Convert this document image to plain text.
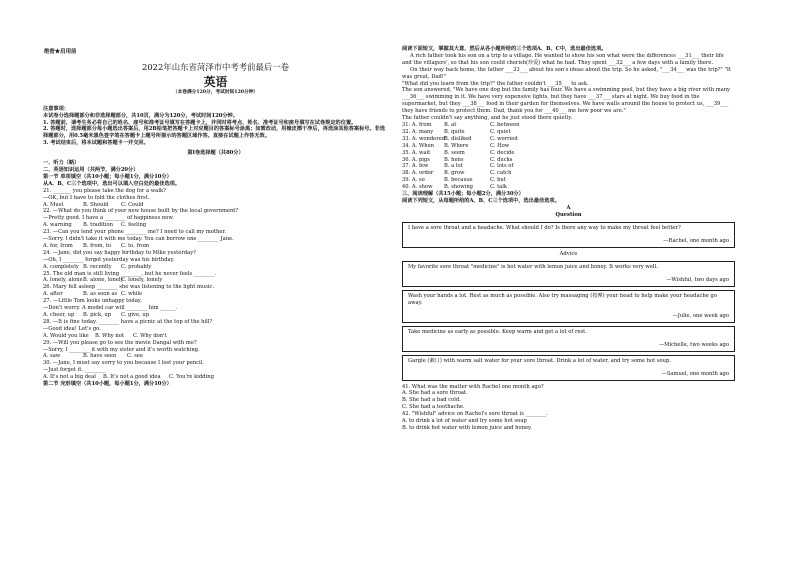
绝密★启用前
2022年山东省菏泽市中考考前最后一卷
英语
（本卷满分120分，考试时间120分钟）
注意事项：
本试卷分选择题部分和非选择题部分，共10页，满分为120分，考试时间120分钟。
1. 答题前，请考生务必将自己的姓名、座号和准考证号填写在答题卡上，并同时将考点、姓名、准考证号和座号填写在试卷规定的位置。
2. 答题时，选择题部分每小题选出答案后，用2B铅笔把答题卡上对应题目的答案标号涂黑；如需改动，用橡皮擦干净后，再选涂其他答案标号。非选择题部分，用0.5毫米黑色签字笔在答题卡上题号所提示的答题区域作答。直接在试题上作答无效。
3. 考试结束后，将本试题和答题卡一并交回。
第Ⅰ卷选择题（共80分）
一、听力（略）
二、英语知识运用（共两节，满分20分）
第一节 单项填空（共10小题；每小题1分，满分10分）
从A、B、C三个选项中，选出可以填入空白处的最佳选项。
21. _______ you please take the dog for a walk?
—OK, but I have to fold the clothes first.
A. Must	B. Should C. Could
22. —What do you think of your new house built by the local government?
—Pretty good. I have a ________ of happiness now.
A. warning B. tradition C. feeling
23. —Can you lend your phone ________ me? I need to call my mother.
—Sorry. I didn't take it with me today. You can borrow one ________ Jane.
A. for, from B. from, to C. to, from
24. —Jane, did you say happy birthday to Mike yesterday?
—Oh, I ________ forgot yesterday was his birthday.
A. completely B. recently C. probably
25. The old man is still living ________, but he never feels ________.
A. lonely, aloneB. alone, lonelyC. lonely, lonely
26. Mary fell asleep ________ she was listening to the light music.
A. after	B. as soon as C. while
27. —Little Tom looks unhappy today.
—Don't worry. A model car will ________ him ______.
A. cheer, up B. pick, up C. give, up
28. —It is fine today. ________ have a picnic at the top of the hill?
—Good idea! Let's go.
A. Would you like B. Why not C. Why don't
29. —Will you please go to see the movie Dangal with me?
—Sorry, I ________ it with my sister and it's worth watching.
A. saw	B. have seen C. see
30. —Jane, I must say sorry to you because I lost your pencil.
—Just forget it. ________
A. It's not a big deal B. It's not a good idea C. You're kidding
第二节 完形填空（共10小题，每小题1分，满分10分）
阅读下面短文，掌握其大意，然后从各小题所给的三个选项A、B、C中，选出最佳选项。
A rich father took his son on a trip to a village. He wanted to show his son what were the differences ___31___ their life and the villagers', so that his son could cherish(珍爱) what he had. They spent ___32___ a few days with a family there.
On their way back home, the father ___33___ about his son's ideas about the trip. So he asked, "___34___ was the trip?" "It was great, Dad!"
"What did you learn from the trip?" the father couldn't ___35___ to ask.
The son answered, "We have one dog but the family has four. We have a swimming pool, but they have a big river with many ___36___ swimming in it. We have very expensive lights, but they have ___37___ stars at night. We buy food in the supermarket, but they ___38___ food in their garden for themselves. We have walls around the house to protect us, ___39___ they have friends to protect them. Dad, thank you for ___40___ me how poor we are."
The father couldn't say anything, and he just stood there quietly.
31. A. from B. at	C. between
32. A. many B. quite	C. quiet
33. A. wonderedB. disliked	C. worried
34. A. When B. Where	C. How
35. A. wait	B. seem	C. decide
36. A. pigs	B. hens	C. ducks
37. A. few	B. a lot	C. lots of
38. A. order B. grow	C. catch
39. A. so	B. because	C. but
40. A. show B. showing	C. talk
三、阅读理解（共15小题；每小题2分，满分30分）
阅读下列短文，从每题所给的A、B、C三个选项中，选出最佳选项。
A
Question
I have a sore throat and a headache. What should I do? Is there any way to make my throat feel better?
—Rachel, one month ago
Advice
My favorite sore throat "medicine" is hot water with lemon juice and honey. It works very well.
—Wishful, two days ago
Wash your hands a lot. Rest as much as possible. Also try massaging (按摩) your head to help make your headache go away.
—Julie, one week ago
Take medicine as early as possible. Keep warm and get a lot of rest.
—Michelle, two weeks ago
Gargle (漱口) with warm salt water for your sore throat. Drink a lot of water, and try some hot soup.
—Samuel, one month ago
41. What was the matter with Rachel one month ago?
A. She had a sore throat.
B. She had a bad cold.
C. She had a toothache.
42. "Wishful" advice on Rachel's sore throat is ________.
A. to drink a lot of water and try some hot soup
B. to drink hot water with lemon juice and honey.
